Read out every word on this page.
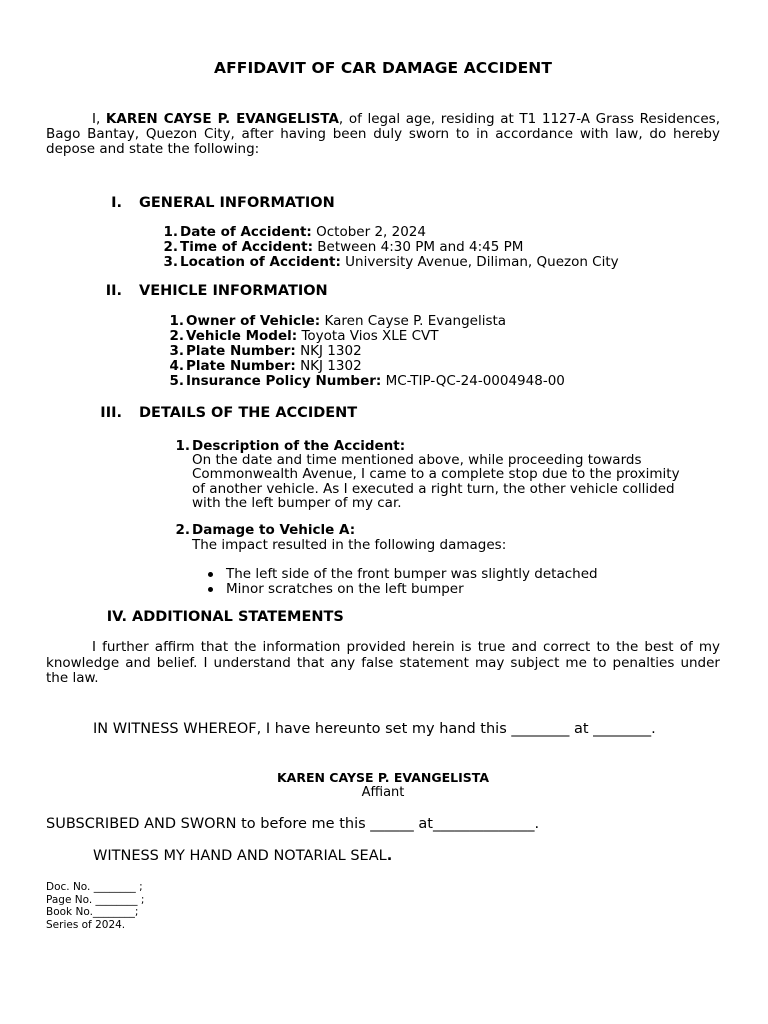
AFFIDAVIT OF CAR DAMAGE ACCIDENT
I, KAREN CAYSE P. EVANGELISTA, of legal age, residing at T1 1127-A Grass Residences, Bago Bantay, Quezon City, after having been duly sworn to in accordance with law, do hereby depose and state the following:
I. GENERAL INFORMATION
1. Date of Accident: October 2, 2024
2. Time of Accident: Between 4:30 PM and 4:45 PM
3. Location of Accident: University Avenue, Diliman, Quezon City
II. VEHICLE INFORMATION
1. Owner of Vehicle: Karen Cayse P. Evangelista
2. Vehicle Model: Toyota Vios XLE CVT
3. Plate Number: NKJ 1302
4. Plate Number: NKJ 1302
5. Insurance Policy Number: MC-TIP-QC-24-0004948-00
III. DETAILS OF THE ACCIDENT
1. Description of the Accident:
On the date and time mentioned above, while proceeding towards
Commonwealth Avenue, I came to a complete stop due to the proximity
of another vehicle. As I executed a right turn, the other vehicle collided
with the left bumper of my car.
2. Damage to Vehicle A:
The impact resulted in the following damages:
The left side of the front bumper was slightly detached
Minor scratches on the left bumper
IV. ADDITIONAL STATEMENTS
I further affirm that the information provided herein is true and correct to the best of my knowledge and belief. I understand that any false statement may subject me to penalties under the law.
IN WITNESS WHEREOF, I have hereunto set my hand this ________ at ________.
KAREN CAYSE P. EVANGELISTA
Affiant
SUBSCRIBED AND SWORN to before me this ______ at______________.
WITNESS MY HAND AND NOTARIAL SEAL.
Doc. No. ________ ;
Page No. ________ ;
Book No.________;
Series of 2024.
